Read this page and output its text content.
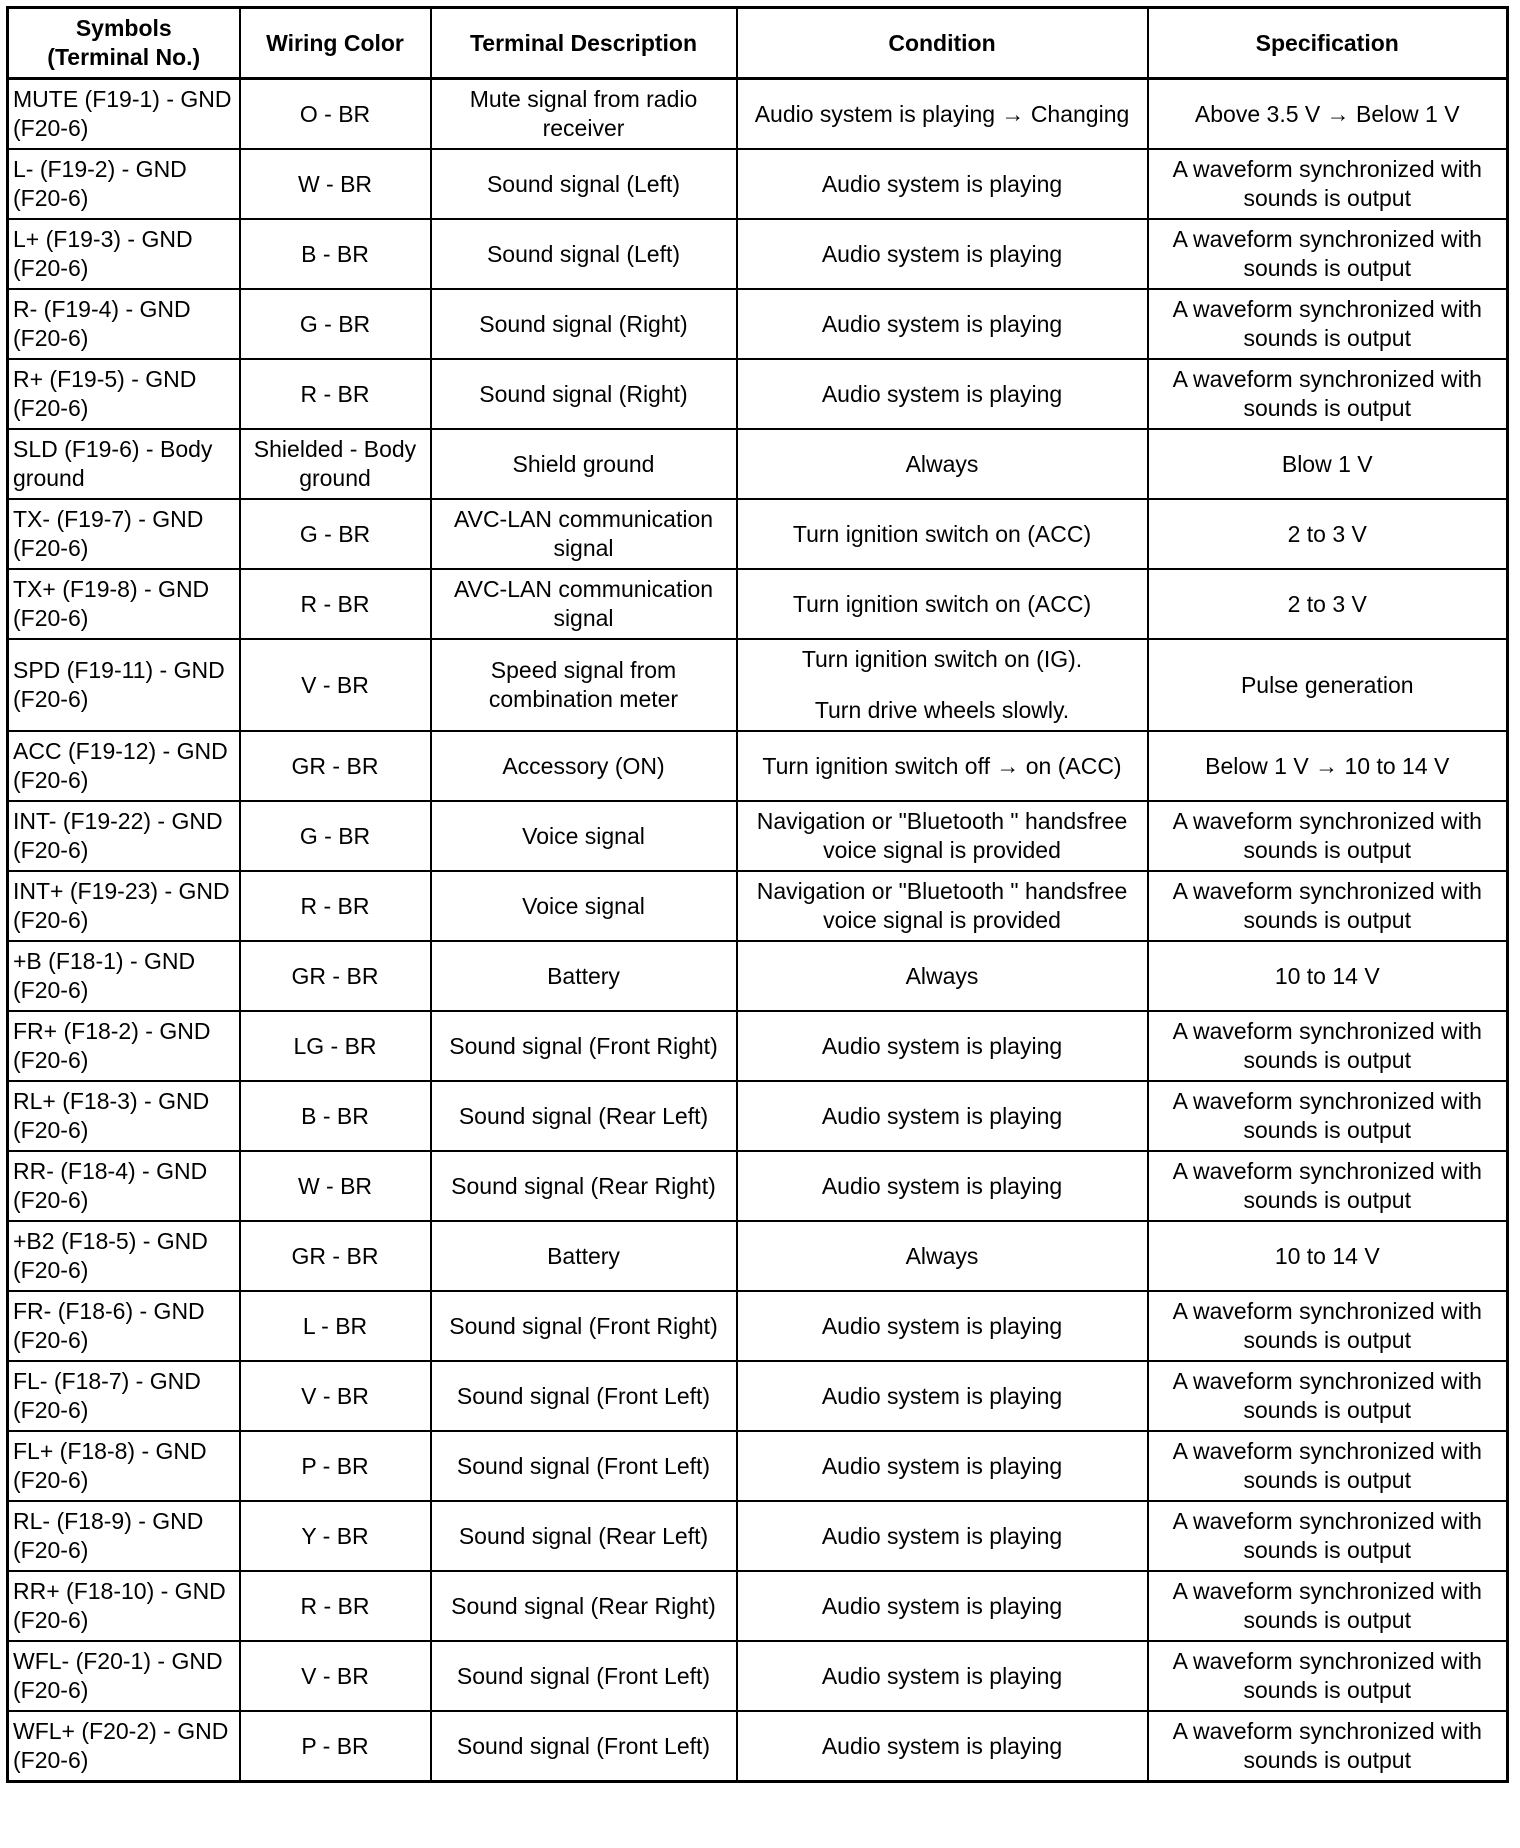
Symbols
(Terminal No.)	Wiring Color	Terminal Description	Condition	Specification
MUTE (F19-1) - GND (F20-6)	O - BR	Mute signal from radio receiver	Audio system is playing → Changing	Above 3.5 V → Below 1 V
L- (F19-2) - GND (F20-6)	W - BR	Sound signal (Left)	Audio system is playing	A waveform synchronized with sounds is output
L+ (F19-3) - GND (F20-6)	B - BR	Sound signal (Left)	Audio system is playing	A waveform synchronized with sounds is output
R- (F19-4) - GND (F20-6)	G - BR	Sound signal (Right)	Audio system is playing	A waveform synchronized with sounds is output
R+ (F19-5) - GND (F20-6)	R - BR	Sound signal (Right)	Audio system is playing	A waveform synchronized with sounds is output
SLD (F19-6) - Body ground	Shielded - Body ground	Shield ground	Always	Blow 1 V
TX- (F19-7) - GND (F20-6)	G - BR	AVC-LAN communication signal	Turn ignition switch on (ACC)	2 to 3 V
TX+ (F19-8) - GND (F20-6)	R - BR	AVC-LAN communication signal	Turn ignition switch on (ACC)	2 to 3 V
SPD (F19-11) - GND (F20-6)	V - BR	Speed signal from combination meter	Turn ignition switch on (IG).
Turn drive wheels slowly.	Pulse generation
ACC (F19-12) - GND (F20-6)	GR - BR	Accessory (ON)	Turn ignition switch off → on (ACC)	Below 1 V → 10 to 14 V
INT- (F19-22) - GND (F20-6)	G - BR	Voice signal	Navigation or "Bluetooth " handsfree voice signal is provided	A waveform synchronized with sounds is output
INT+ (F19-23) - GND (F20-6)	R - BR	Voice signal	Navigation or "Bluetooth " handsfree voice signal is provided	A waveform synchronized with sounds is output
+B (F18-1) - GND (F20-6)	GR - BR	Battery	Always	10 to 14 V
FR+ (F18-2) - GND (F20-6)	LG - BR	Sound signal (Front Right)	Audio system is playing	A waveform synchronized with sounds is output
RL+ (F18-3) - GND (F20-6)	B - BR	Sound signal (Rear Left)	Audio system is playing	A waveform synchronized with sounds is output
RR- (F18-4) - GND (F20-6)	W - BR	Sound signal (Rear Right)	Audio system is playing	A waveform synchronized with sounds is output
+B2 (F18-5) - GND (F20-6)	GR - BR	Battery	Always	10 to 14 V
FR- (F18-6) - GND (F20-6)	L - BR	Sound signal (Front Right)	Audio system is playing	A waveform synchronized with sounds is output
FL- (F18-7) - GND (F20-6)	V - BR	Sound signal (Front Left)	Audio system is playing	A waveform synchronized with sounds is output
FL+ (F18-8) - GND (F20-6)	P - BR	Sound signal (Front Left)	Audio system is playing	A waveform synchronized with sounds is output
RL- (F18-9) - GND (F20-6)	Y - BR	Sound signal (Rear Left)	Audio system is playing	A waveform synchronized with sounds is output
RR+ (F18-10) - GND (F20-6)	R - BR	Sound signal (Rear Right)	Audio system is playing	A waveform synchronized with sounds is output
WFL- (F20-1) - GND (F20-6)	V - BR	Sound signal (Front Left)	Audio system is playing	A waveform synchronized with sounds is output
WFL+ (F20-2) - GND (F20-6)	P - BR	Sound signal (Front Left)	Audio system is playing	A waveform synchronized with sounds is output
